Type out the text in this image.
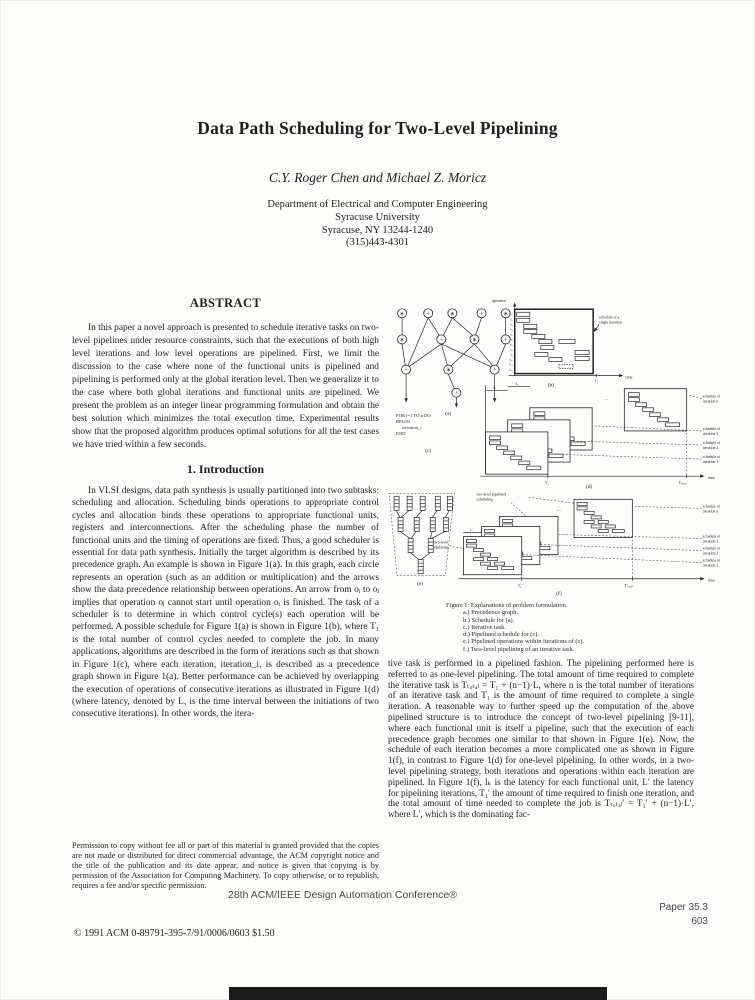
Data Path Scheduling for Two-Level Pipelining
C.Y. Roger Chen and Michael Z. Moricz
Department of Electrical and Computer Engineering
Syracuse University
Syracuse, NY 13244-1240
(315)443-4301
ABSTRACT

In this paper a novel approach is presented to schedule iterative tasks on two-level pipelines under resource constraints, such that the executions of both high level iterations and low level operations are pipelined. First, we limit the discussion to the case where none of the functional units is pipelined and pipelining is performed only at the global iteration level. Then we generalize it to the case where both global iterations and functional units are pipelined. We present the problem as an integer linear programming formulation and obtain the best solution which minimizes the total execution time. Experimental results show that the proposed algorithm produces optimal solutions for all the test cases we have tried within a few seconds.

1. Introduction

In VLSI designs, data path synthesis is usually partitioned into two subtasks: scheduling and allocation. Scheduling binds operations to appropriate control cycles and allocation binds these operations to appropriate functional units, registers and interconnections. After the scheduling phase the number of functional units and the timing of operations are fixed. Thus, a good scheduler is essential for data path synthesis. Initially the target algorithm is described by its precedence graph. An example is shown in Figure 1(a). In this graph, each circle represents an operation (such as an addition or multiplication) and the arrows show the data precedence relationship between operations. An arrow from oᵢ to oⱼ implies that operation oⱼ cannot start until operation oᵢ is finished. The task of a scheduler is to determine in which control cycle(s) each operation will be performed. A possible schedule for Figure 1(a) is shown in Figure 1(b), where T₁ is the total number of control cycles needed to complete the job. In many applications, algorithms are described in the form of iterations such as that shown in Figure 1(c), where each iteration, iteration_i, is described as a precedence graph shown in Figure 1(a). Better performance can be achieved by overlapping the execution of operations of consecutive iterations as illustrated in Figure 1(d) (where latency, denoted by L, is the time interval between the initiations of two consecutive iterations). In other words, the itera-

Permission to copy without fee all or part of this material is granted provided that the copies are not made or distributed for direct commercial advantage, the ACM copyright notice and the title of the publication and its date appear, and notice is given that copying is by permission of the Association for Computing Machinery. To copy otherwise, or to republish, requires a fee and/or specific permission.
∗	+	∗	+	∗
∗	+	∗	+
+	∗	+
+
(a)
operation
o₁
o₂
o₃
o₄
o₅
o₆
o₇
o₈
o₉
o₁₀
o₁₁
o₁₂
T₁
time
schedule of a
single iteration
(b)
FOR i=1 TO n DO
BEGIN
iteration_i
END
(c)
L
L
...
T₁	Tₜₒₜₐₗ
time
(d)
schedule of
iteration n
schedule of
iteration 3
schedule of
iteration 2
schedule of
iteration 1
(e)
two-level pipelined
scheduling
...
L′
two-level
pipelining
T₁′	T′ₜₒₜₐₗ
time
(f)
schedule of
iteration n
schedule of
iteration 3
schedule of
iteration 2
schedule of
iteration 1
Figure 1: Explanations of problem formulation.
a.) Precedence graph.
b.) Schedule for (a).
c.) Iterative task.
d.) Pipelined schedule for (c).
e.) Pipelined operations within iterations of (c).
f.) Two-level pipelining of an iterative task.

tive task is performed in a pipelined fashion. The pipelining performed here is referred to as one-level pipelining. The total amount of time required to complete the iterative task is Tₜₒₜₐₗ = T₁ + (n−1)·L, where n is the total number of iterations of an iterative task and T₁ is the amount of time required to complete a single iteration. A reasonable way to further speed up the computation of the above pipelined structure is to introduce the concept of two-level pipelining [9-11], where each functional unit is itself a pipeline, such that the execution of each precedence graph becomes one similar to that shown in Figure 1(e). Now, the schedule of each iteration becomes a more complicated one as shown in Figure 1(f), in contrast to Figure 1(d) for one-level pipelining. In other words, in a two-level pipelining strategy, both iterations and operations within each iteration are pipelined. In Figure 1(f), lₖ is the latency for each functional unit, L′ the latency for pipelining iterations, T₁′ the amount of time required to finish one iteration, and the total amount of time needed to complete the job is Tₜₒₜₐₗ′ = T₁′ + (n−1)·L′, where L′, which is the dominating fac-

28th ACM/IEEE Design Automation Conference®
Paper 35.3
603
© 1991 ACM 0-89791-395-7/91/0006/0603 $1.50
